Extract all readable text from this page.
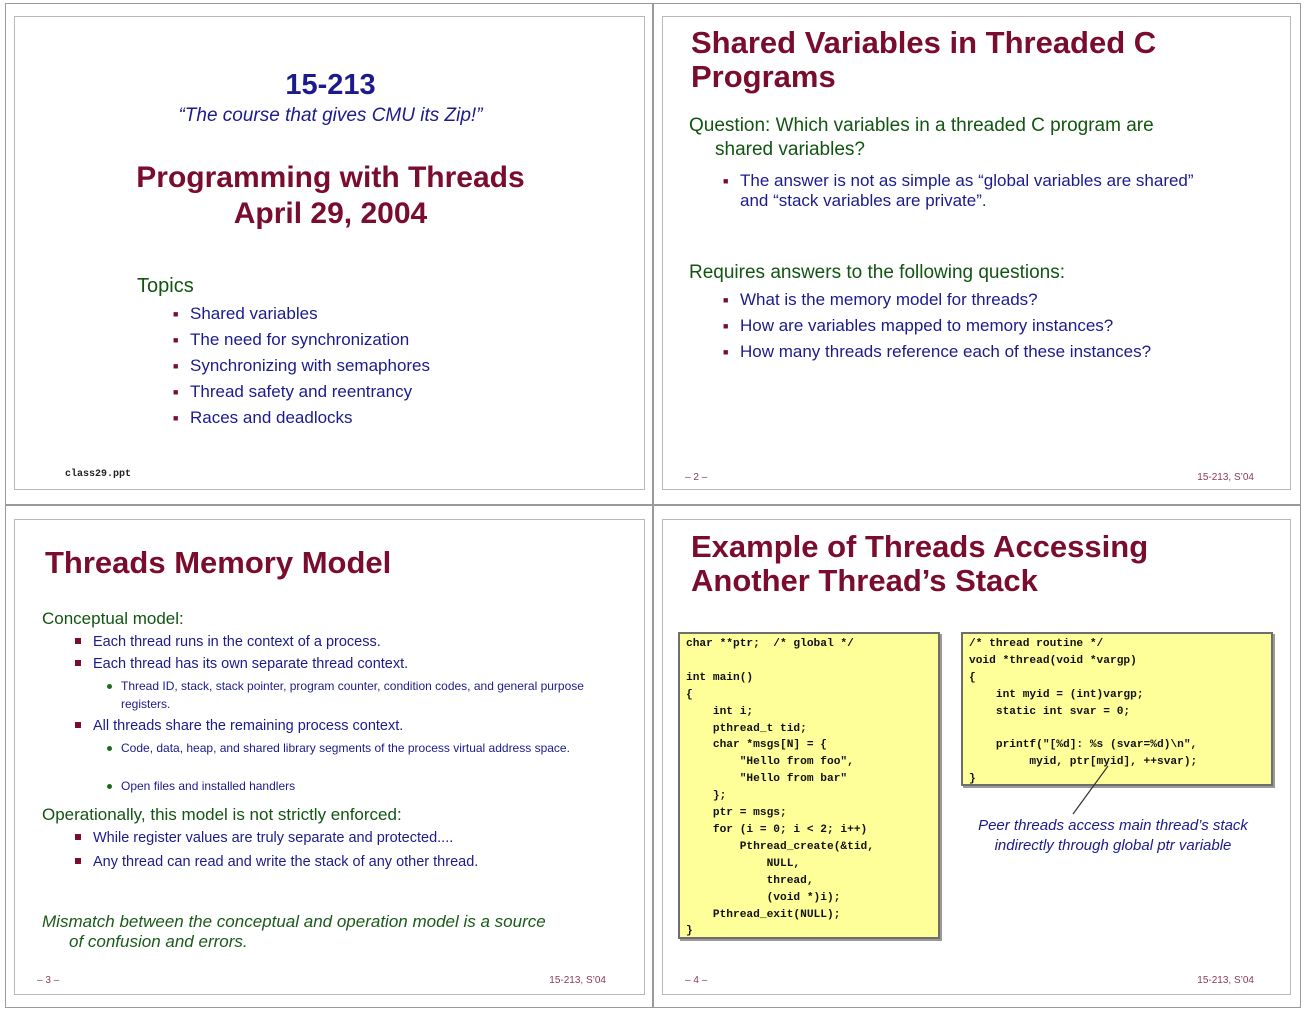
15-213
“The course that gives CMU its Zip!”
Programming with Threads
April 29, 2004
Topics
■ Shared variables
■ The need for synchronization
■ Synchronizing with semaphores
■ Thread safety and reentrancy
■ Races and deadlocks
class29.ppt
Shared Variables in Threaded C
Programs
Question: Which variables in a threaded C program are
shared variables?
■ The answer is not as simple as “global variables are shared”
and “stack variables are private”.
Requires answers to the following questions:
■ What is the memory model for threads?
■ How are variables mapped to memory instances?
■ How many threads reference each of these instances?
– 2 –	15-213, S’04
Threads Memory Model
Conceptual model:
Each thread runs in the context of a process.
Each thread has its own separate thread context.
Thread ID, stack, stack pointer, program counter, condition codes, and general purpose registers.
All threads share the remaining process context.
Code, data, heap, and shared library segments of the process virtual address space.
Open files and installed handlers
Operationally, this model is not strictly enforced:
While register values are truly separate and protected....
Any thread can read and write the stack of any other thread.
Mismatch between the conceptual and operation model is a source
of confusion and errors.
– 3 –	15-213, S’04
Example of Threads Accessing
Another Thread’s Stack
char **ptr;  /* global */

int main()
{
int i;
pthread_t tid;
char *msgs[N] = {
"Hello from foo",
"Hello from bar"
};
ptr = msgs;
for (i = 0; i < 2; i++)
Pthread_create(&tid,
NULL,
thread,
(void *)i);
Pthread_exit(NULL);
}
/* thread routine */
void *thread(void *vargp)
{
int myid = (int)vargp;
static int svar = 0;

printf("[%d]: %s (svar=%d)\n",
myid, ptr[myid], ++svar);
}
Peer threads access main thread’s stack
indirectly through global ptr variable
– 4 –	15-213, S’04
